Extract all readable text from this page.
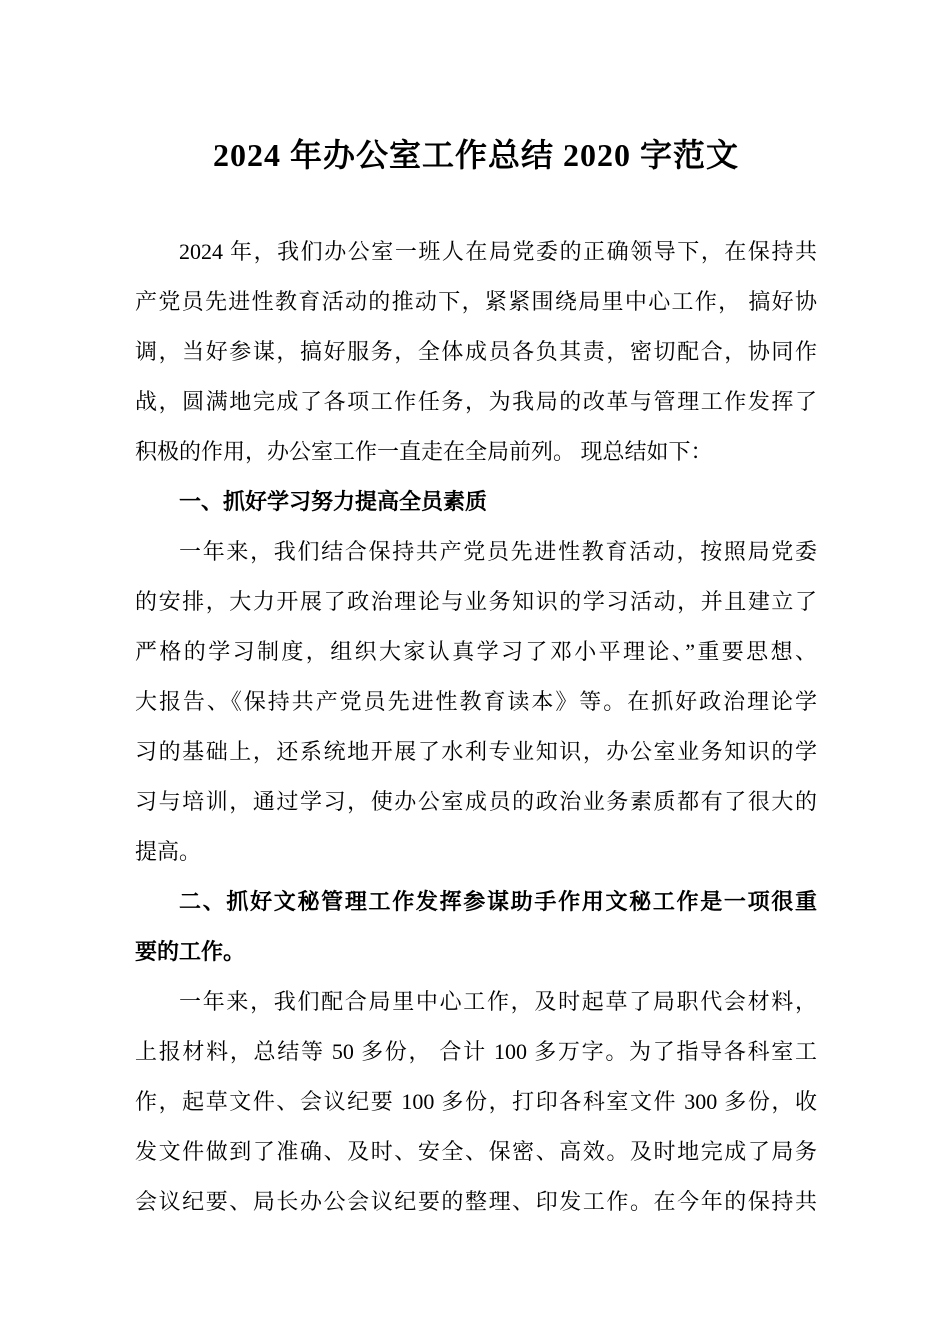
2024 年办公室工作总结 2020 字范文
2024 年，我们办公室一班人在局党委的正确领导下，在保持共
产党员先进性教育活动的推动下，紧紧围绕局里中心工作， 搞好协
调，当好参谋，搞好服务，全体成员各负其责，密切配合，协同作
战，圆满地完成了各项工作任务，为我局的改革与管理工作发挥了
积极的作用，办公室工作一直走在全局前列。 现总结如下：
一、抓好学习努力提高全员素质
一年来，我们结合保持共产党员先进性教育活动，按照局党委
的安排，大力开展了政治理论与业务知识的学习活动，并且建立了
严格的学习制度，组织大家认真学习了邓小平理论、”重要思想、
大报告、《保持共产党员先进性教育读本》等。在抓好政治理论学
习的基础上，还系统地开展了水利专业知识，办公室业务知识的学
习与培训，通过学习，使办公室成员的政治业务素质都有了很大的
提高。
二、抓好文秘管理工作发挥参谋助手作用文秘工作是一项很重
要的工作。
一年来，我们配合局里中心工作，及时起草了局职代会材料，
上报材料，总结等 50 多份， 合计 100 多万字。为了指导各科室工
作，起草文件、会议纪要 100 多份，打印各科室文件 300 多份，收
发文件做到了准确、及时、安全、保密、高效。及时地完成了局务
会议纪要、局长办公会议纪要的整理、印发工作。在今年的保持共
